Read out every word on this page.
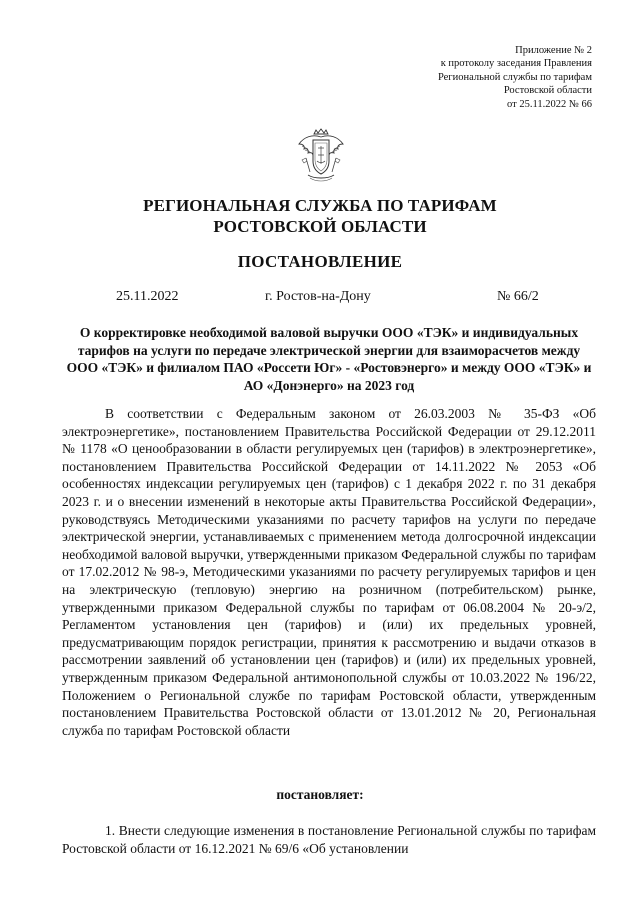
Приложение № 2
к протоколу заседания Правления
Региональной службы по тарифам
Ростовской области
от 25.11.2022 № 66
РЕГИОНАЛЬНАЯ СЛУЖБА ПО ТАРИФАМ
РОСТОВСКОЙ ОБЛАСТИ
ПОСТАНОВЛЕНИЕ
25.11.2022	г. Ростов-на-Дону	№ 66/2
О корректировке необходимой валовой выручки ООО «ТЭК» и индивидуальных тарифов на услуги по передаче электрической энергии для взаиморасчетов между ООО «ТЭК» и филиалом ПАО «Россети Юг» - «Ростовэнерго» и между ООО «ТЭК» и АО «Донэнерго» на 2023 год

В соответствии с Федеральным законом от 26.03.2003 № 35-ФЗ «Об электроэнергетике», постановлением Правительства Российской Федерации от 29.12.2011 № 1178 «О ценообразовании в области регулируемых цен (тарифов) в электроэнергетике», постановлением Правительства Российской Федерации от 14.11.2022 № 2053 «Об особенностях индексации регулируемых цен (тарифов) с 1 декабря 2022 г. по 31 декабря 2023 г. и о внесении изменений в некоторые акты Правительства Российской Федерации», руководствуясь Методическими указаниями по расчету тарифов на услуги по передаче электрической энергии, устанавливаемых с применением метода долгосрочной индексации необходимой валовой выручки, утвержденными приказом Федеральной службы по тарифам от 17.02.2012 № 98-э, Методическими указаниями по расчету регулируемых тарифов и цен на электрическую (тепловую) энергию на розничном (потребительском) рынке, утвержденными приказом Федеральной службы по тарифам от 06.08.2004 № 20-э/2, Регламентом установления цен (тарифов) и (или) их предельных уровней, предусматривающим порядок регистрации, принятия к рассмотрению и выдачи отказов в рассмотрении заявлений об установлении цен (тарифов) и (или) их предельных уровней, утвержденным приказом Федеральной антимонопольной службы от 10.03.2022 № 196/22, Положением о Региональной службе по тарифам Ростовской области, утвержденным постановлением Правительства Ростовской области от 13.01.2012 № 20, Региональная служба по тарифам Ростовской области

постановляет:

1. Внести следующие изменения в постановление Региональной службы по тарифам Ростовской области от 16.12.2021 № 69/6 «Об установлении
